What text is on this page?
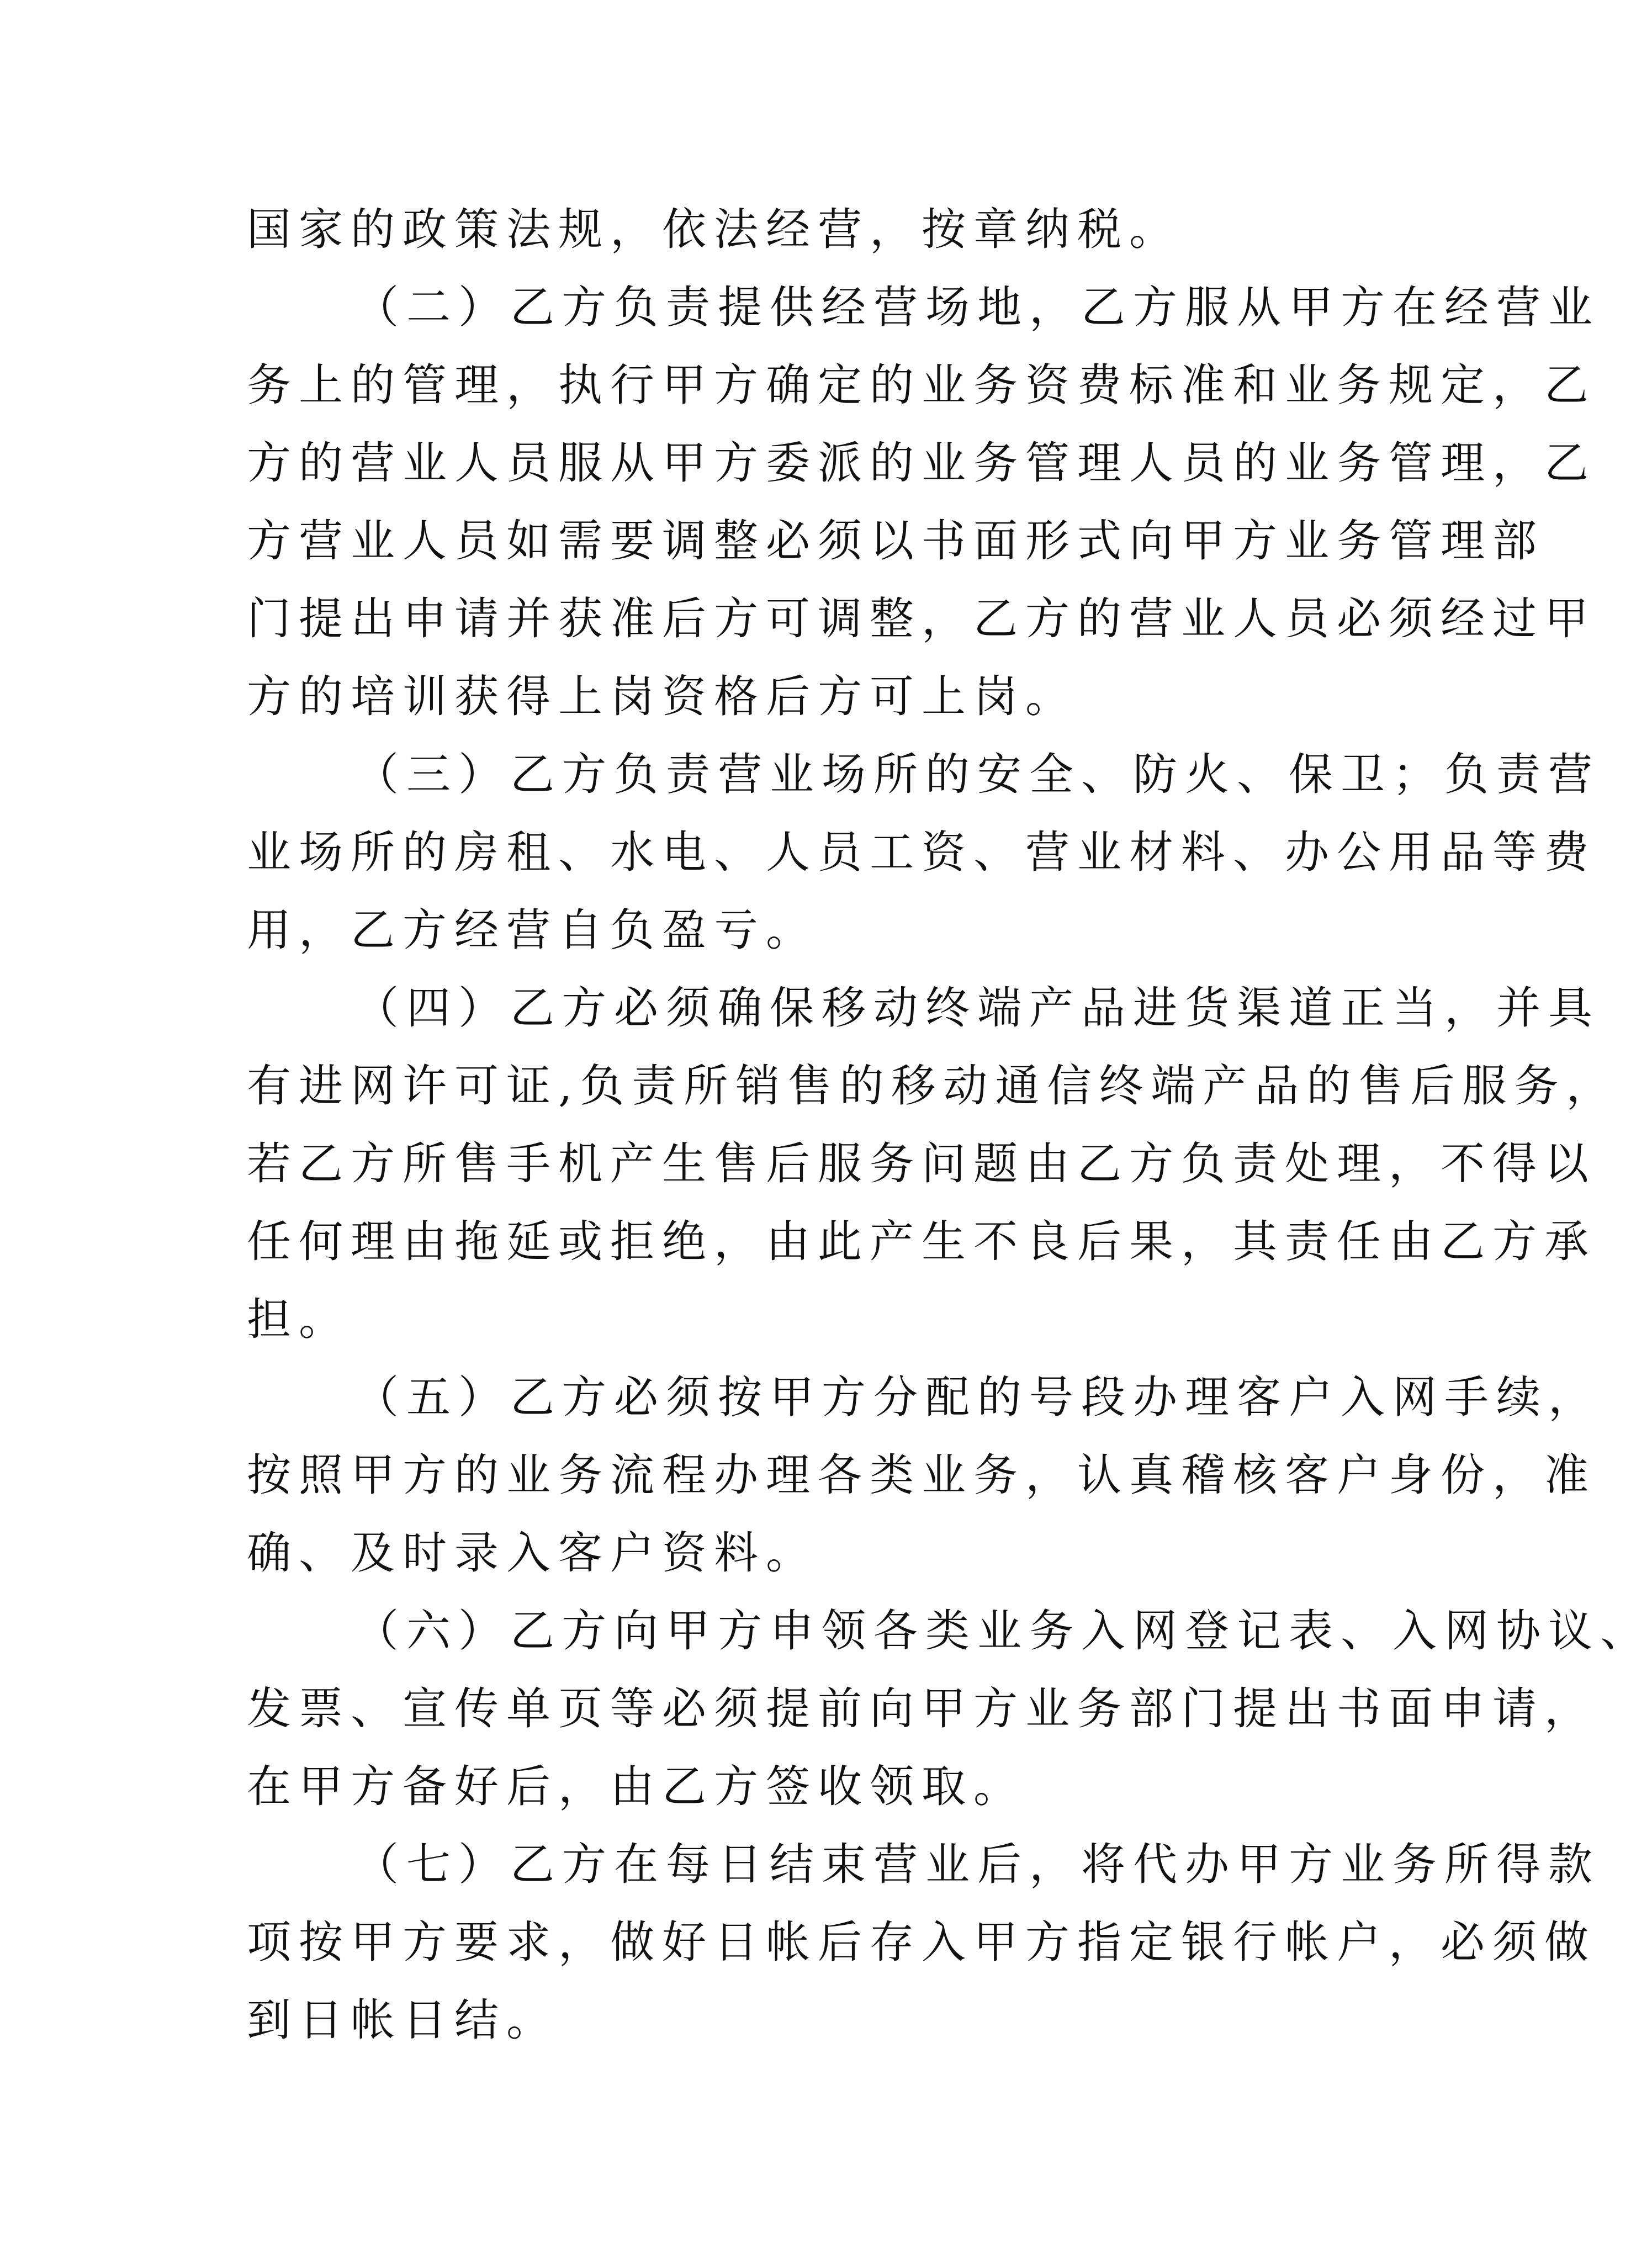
国家的政策法规，依法经营，按章纳税。
（二）乙方负责提供经营场地，乙方服从甲方在经营业
务上的管理，执行甲方确定的业务资费标准和业务规定，乙
方的营业人员服从甲方委派的业务管理人员的业务管理，乙
方营业人员如需要调整必须以书面形式向甲方业务管理部
门提出申请并获准后方可调整，乙方的营业人员必须经过甲
方的培训获得上岗资格后方可上岗。
（三）乙方负责营业场所的安全、防火、保卫；负责营
业场所的房租、水电、人员工资、营业材料、办公用品等费
用，乙方经营自负盈亏。
（四）乙方必须确保移动终端产品进货渠道正当，并具
有进网许可证,负责所销售的移动通信终端产品的售后服务，
若乙方所售手机产生售后服务问题由乙方负责处理，不得以
任何理由拖延或拒绝，由此产生不良后果，其责任由乙方承
担。
（五）乙方必须按甲方分配的号段办理客户入网手续，
按照甲方的业务流程办理各类业务，认真稽核客户身份，准
确、及时录入客户资料。
（六）乙方向甲方申领各类业务入网登记表、入网协议、
发票、宣传单页等必须提前向甲方业务部门提出书面申请，
在甲方备好后，由乙方签收领取。
（七）乙方在每日结束营业后，将代办甲方业务所得款
项按甲方要求，做好日帐后存入甲方指定银行帐户，必须做
到日帐日结。
